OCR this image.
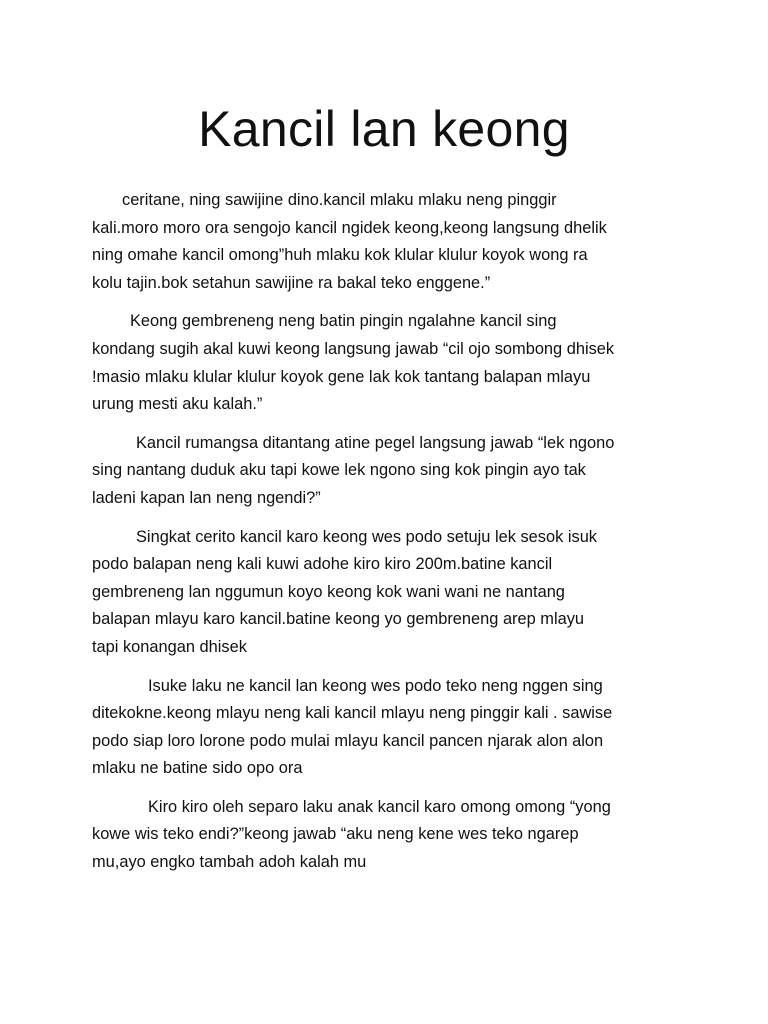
Kancil lan keong

ceritane, ning sawijine dino.kancil mlaku mlaku neng pinggir
kali.moro moro ora sengojo kancil ngidek keong,keong langsung dhelik
ning omahe kancil omong”huh mlaku kok klular klulur koyok wong ra
kolu tajin.bok setahun sawijine ra bakal teko enggene.”

Keong gembreneng neng batin pingin ngalahne kancil sing
kondang sugih akal kuwi keong langsung jawab “cil ojo sombong dhisek
!masio mlaku klular klulur koyok gene lak kok tantang balapan mlayu
urung mesti aku kalah.”

Kancil rumangsa ditantang atine pegel langsung jawab “lek ngono
sing nantang duduk aku tapi kowe lek ngono sing kok pingin ayo tak
ladeni kapan lan neng ngendi?”

Singkat cerito kancil karo keong wes podo setuju lek sesok isuk
podo balapan neng kali kuwi adohe kiro kiro 200m.batine kancil
gembreneng lan nggumun koyo keong kok wani wani ne nantang
balapan mlayu karo kancil.batine keong yo gembreneng arep mlayu
tapi konangan dhisek

Isuke laku ne kancil lan keong wes podo teko neng nggen sing
ditekokne.keong mlayu neng kali kancil mlayu neng pinggir kali . sawise
podo siap loro lorone podo mulai mlayu kancil pancen njarak alon alon
mlaku ne batine sido opo ora

Kiro kiro oleh separo laku anak kancil karo omong omong “yong
kowe wis teko endi?”keong jawab “aku neng kene wes teko ngarep
mu,ayo engko tambah adoh kalah mu
